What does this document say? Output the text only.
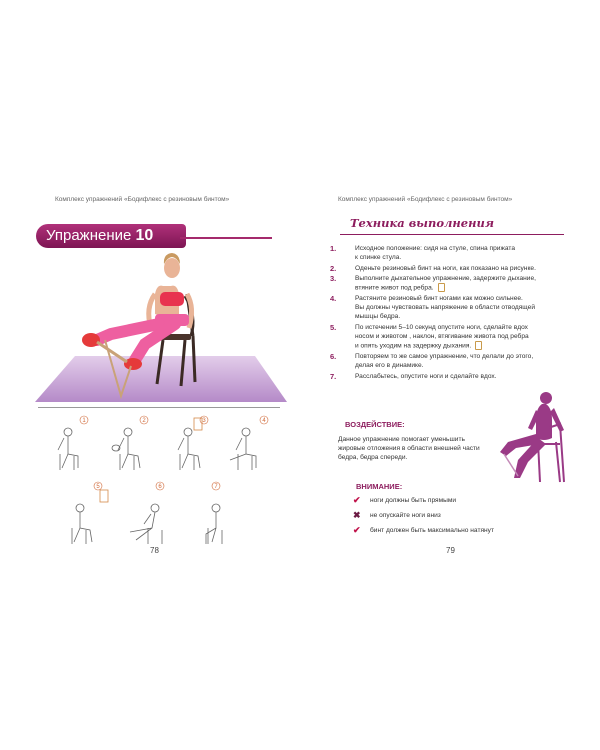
Комплекс упражнений «Бодифлекс с резиновым бинтом»
Упражнение 10
1	2	3	4
5	6	7
78
Комплекс упражнений «Бодифлекс с резиновым бинтом»
Техника выполнения
1.	Исходное положение: сидя на стуле, спина прижата
к спинке стула.
2.	Оденьте резиновый бинт на ноги, как показано на рисунке.
3.	Выполните дыхательное упражнение, задержите дыхание,
втяните живот под ребра.
4.	Растяните резиновый бинт ногами как можно сильнее.
Вы должны чувствовать напряжение в области отводящей
мышцы бедра.
5.	По истечении 5–10 секунд опустите ноги, сделайте вдох
носом и животом , наклон, втягивание живота под ребра
и опять уходим на задержку дыхания.
6.	Повторяем то же самое упражнение, что делали до этого,
делая его в динамике.
7.	Расслабьтесь, опустите ноги и сделайте вдох.
ВОЗДЕЙСТВИЕ:
Данное упражнение помогает уменьшить жировые отложения в области внешней части бедра, бедра спереди.
ВНИМАНИЕ:
✔ ноги должны быть прямыми
✖ не опускайте ноги вниз
✔ бинт должен быть максимально натянут
79
